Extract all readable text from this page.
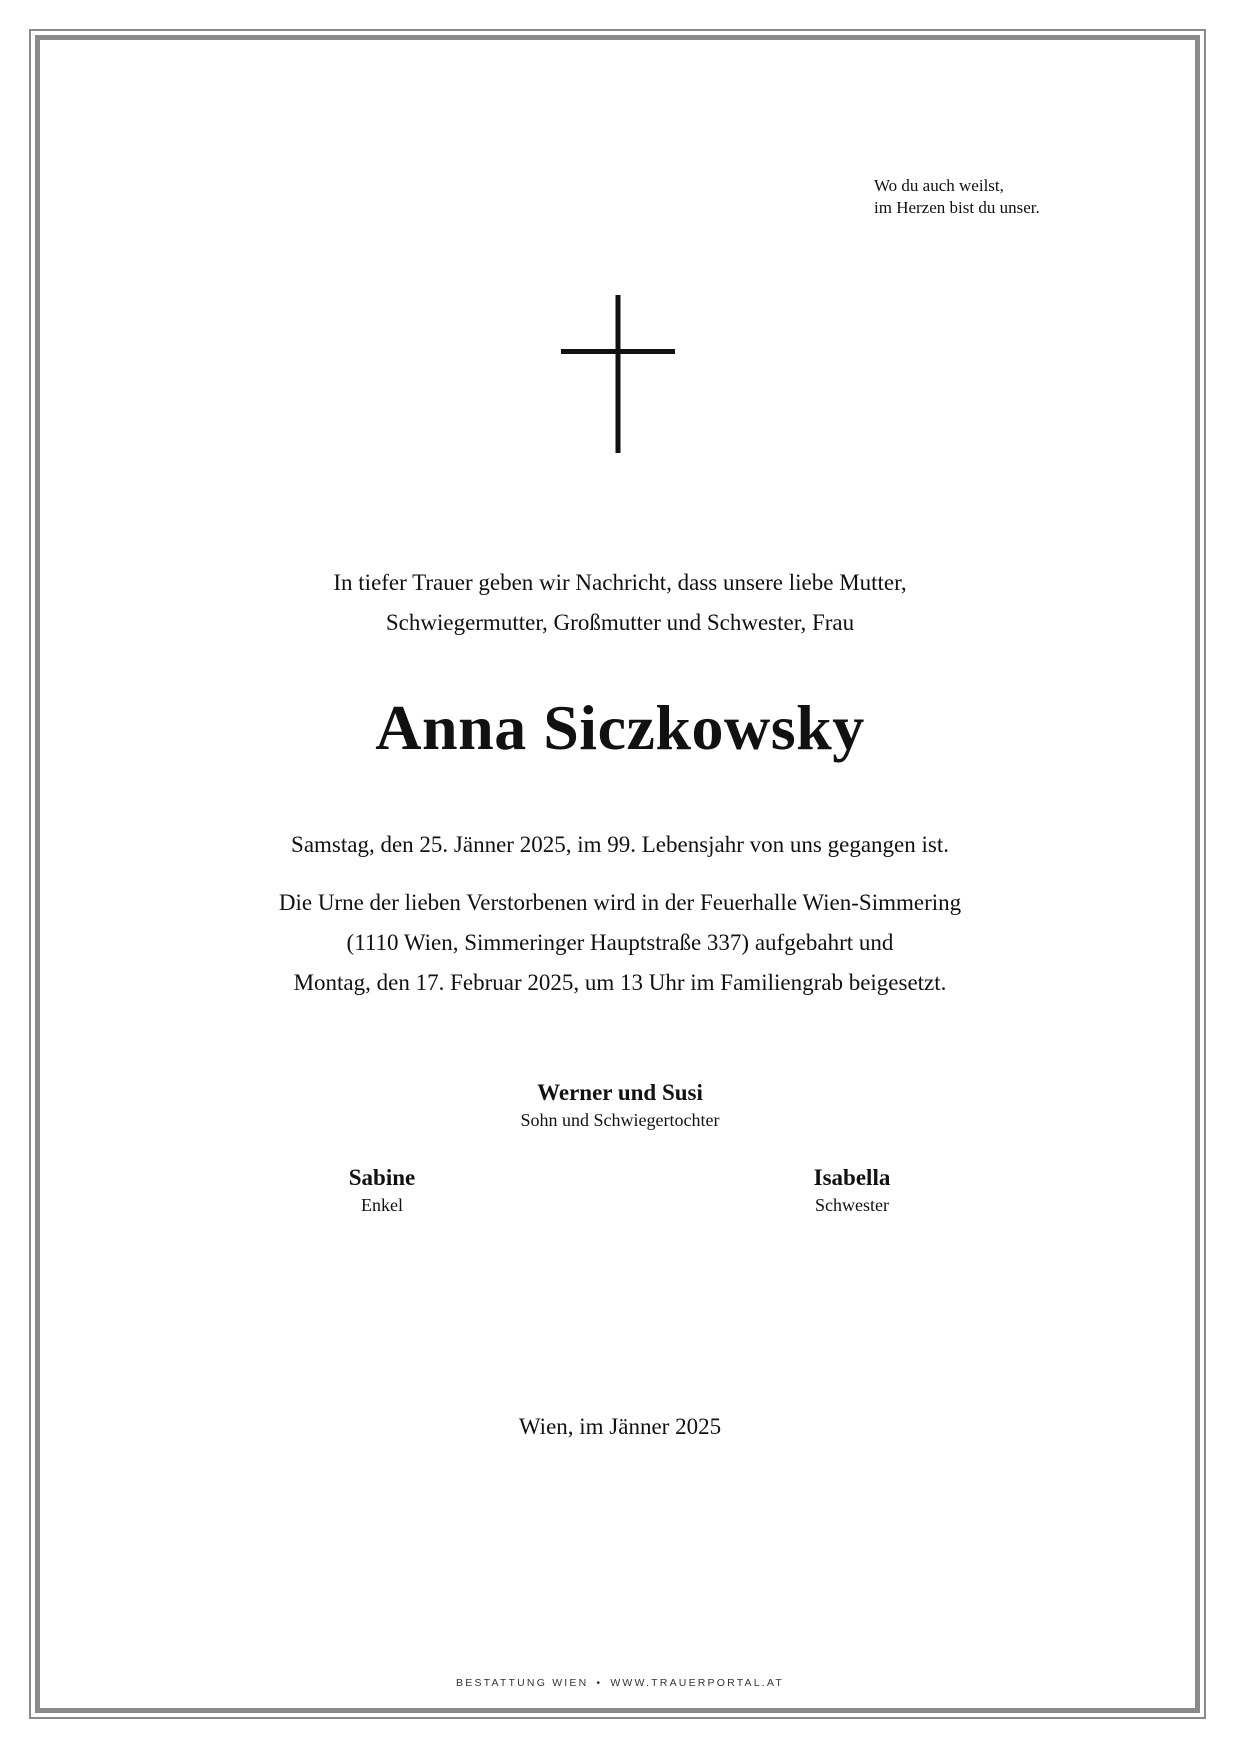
Wo du auch weilst,
im Herzen bist du unser.
In tiefer Trauer geben wir Nachricht, dass unsere liebe Mutter,
Schwiegermutter, Großmutter und Schwester, Frau
Anna Siczkowsky
Samstag, den 25. Jänner 2025, im 99. Lebensjahr von uns gegangen ist.
Die Urne der lieben Verstorbenen wird in der Feuerhalle Wien-Simmering
(1110 Wien, Simmeringer Hauptstraße 337) aufgebahrt und
Montag, den 17. Februar 2025, um 13 Uhr im Familiengrab beigesetzt.
Werner und Susi
Sohn und Schwiegertochter
Sabine
Enkel
Isabella
Schwester
Wien, im Jänner 2025
BESTATTUNG WIEN • WWW.TRAUERPORTAL.AT
